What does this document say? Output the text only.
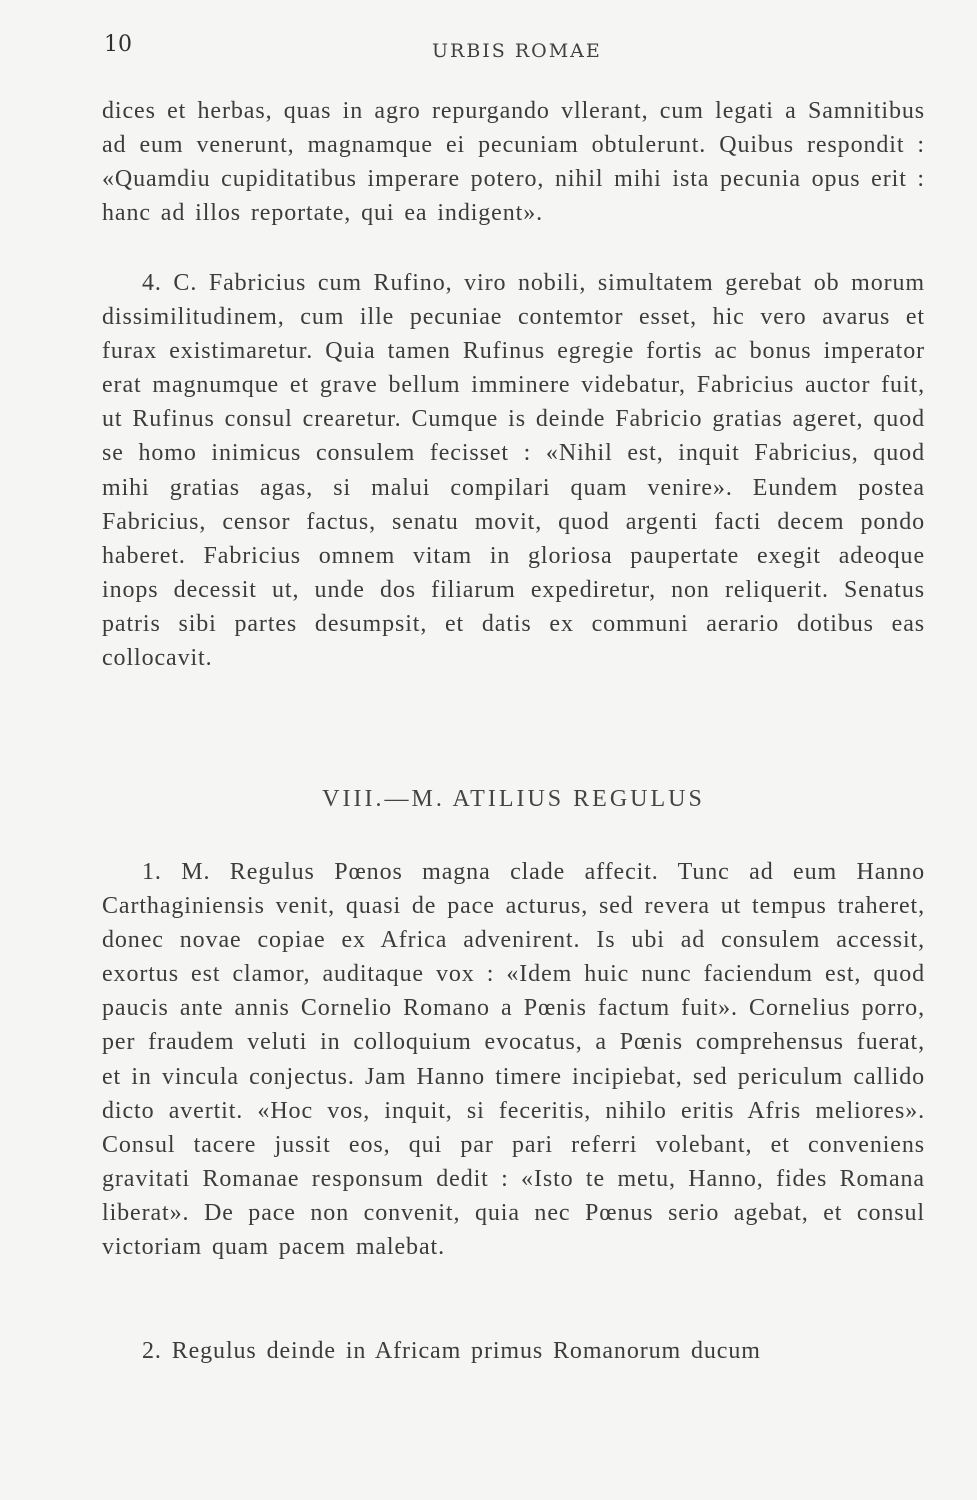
10	URBIS ROMAE

dices et herbas, quas in agro repurgando vllerant, cum legati a Samnitibus ad eum venerunt, magnamque ei pecuniam obtulerunt. Quibus respondit : «Quamdiu cupiditatibus imperare potero, nihil mihi ista pecunia opus erit : hanc ad illos reportate, qui ea indigent».

4. C. Fabricius cum Rufino, viro nobili, simultatem gerebat ob morum dissimilitudinem, cum ille pecuniae contemtor esset, hic vero avarus et furax existimaretur. Quia tamen Rufinus egregie fortis ac bonus imperator erat magnumque et grave bellum imminere videbatur, Fabricius auctor fuit, ut Rufinus consul crearetur. Cumque is deinde Fabricio gratias ageret, quod se homo inimicus consulem fecisset : «Nihil est, inquit Fabricius, quod mihi gratias agas, si malui compilari quam venire». Eundem postea Fabricius, censor factus, senatu movit, quod argenti facti decem pondo haberet. Fabricius omnem vitam in gloriosa paupertate exegit adeoque inops decessit ut, unde dos filiarum expediretur, non reliquerit. Senatus patris sibi partes desumpsit, et datis ex communi aerario dotibus eas collocavit.

VIII.—M. ATILIUS REGULUS

1. M. Regulus Pœnos magna clade affecit. Tunc ad eum Hanno Carthaginiensis venit, quasi de pace acturus, sed revera ut tempus traheret, donec novae copiae ex Africa advenirent. Is ubi ad consulem accessit, exortus est clamor, auditaque vox : «Idem huic nunc faciendum est, quod paucis ante annis Cornelio Romano a Pœnis factum fuit». Cornelius porro, per fraudem veluti in colloquium evocatus, a Pœnis comprehensus fuerat, et in vincula conjectus. Jam Hanno timere incipiebat, sed periculum callido dicto avertit. «Hoc vos, inquit, si feceritis, nihilo eritis Afris meliores». Consul tacere jussit eos, qui par pari referri volebant, et conveniens gravitati Romanae responsum dedit : «Isto te metu, Hanno, fides Romana liberat». De pace non convenit, quia nec Pœnus serio agebat, et consul victoriam quam pacem malebat.

2. Regulus deinde in Africam primus Romanorum ducum
